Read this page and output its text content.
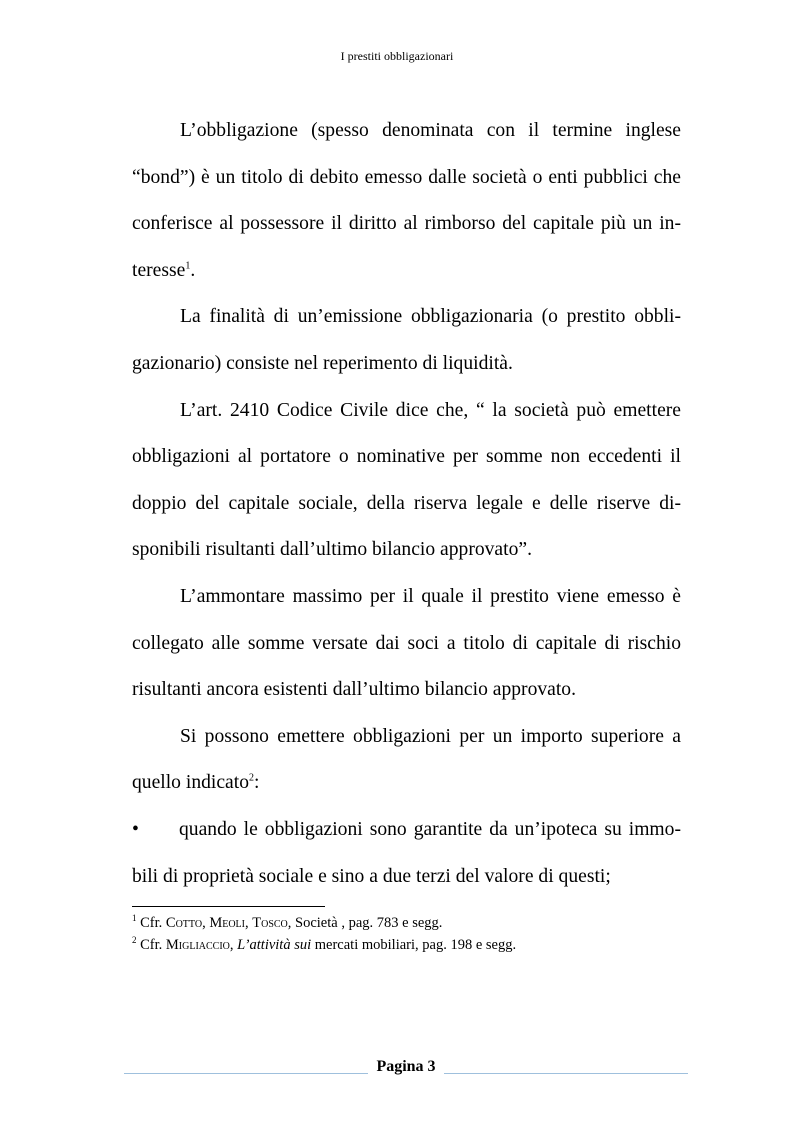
I prestiti obbligazionari

L’obbligazione (spesso denominata con il termine inglese “bond”) è un titolo di debito emesso dalle società o enti pubblici che conferisce al possessore il diritto al rimborso del capitale più un in- teresse$^1$.

La finalità di un’emissione obbligazionaria (o prestito obbli- gazionario) consiste nel reperimento di liquidità.

L’art. 2410 Codice Civile dice che, “ la società può emettere obbligazioni al portatore o nominative per somme non eccedenti il doppio del capitale sociale, della riserva legale e delle riserve di- sponibili risultanti dall’ultimo bilancio approvato”.

L’ammontare massimo per il quale il prestito viene emesso è collegato alle somme versate dai soci a titolo di capitale di rischio risultanti ancora esistenti dall’ultimo bilancio approvato.

Si possono emettere obbligazioni per un importo superiore a quello indicato$^2$:

•	quando le obbligazioni sono garantite da un’ipoteca su immo-

bili di proprietà sociale e sino a due terzi del valore di questi;

$^1$ Cfr. Cotto, Meoli, Tosco, Società , pag. 783 e segg.
$^2$ Cfr. Migliaccio, L’attività sui mercati mobiliari, pag. 198 e segg.
Pagina 3
